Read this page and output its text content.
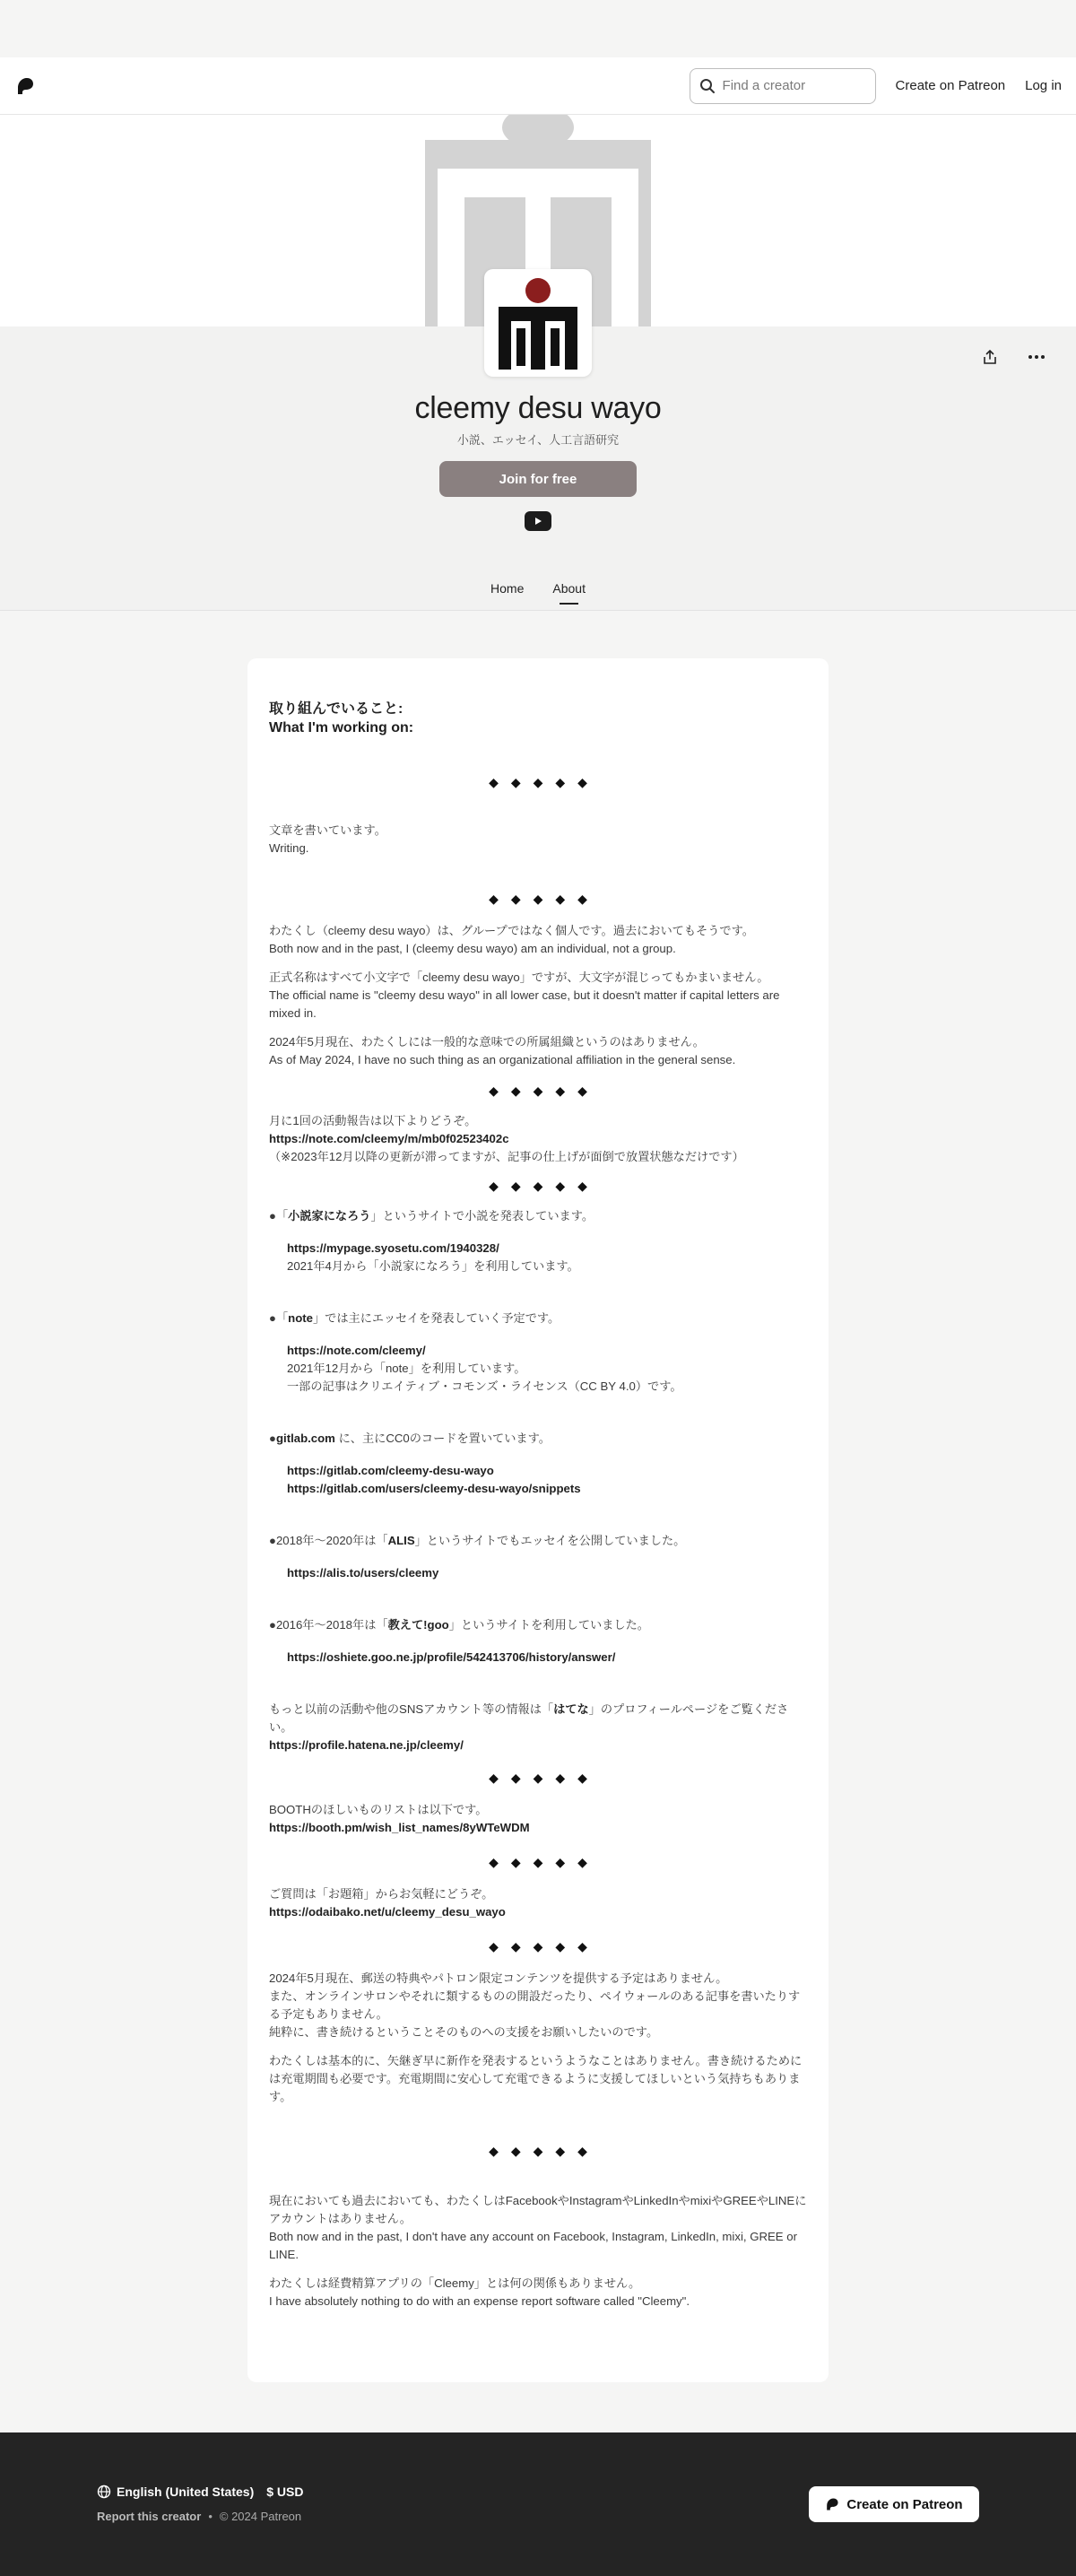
Find a creator
Create on Patreon Log in
cleemy desu wayo
小説、エッセイ、人工言語研究
Join for free
Home About

取り組んでいること:

What I'm working on:

◆◆◆◆◆

文章を書いています。

Writing.

◆◆◆◆◆

わたくし（cleemy desu wayo）は、グループではなく個人です。過去においてもそうです。

Both now and in the past, I (cleemy desu wayo) am an individual, not a group.

正式名称はすべて小文字で「cleemy desu wayo」ですが、大文字が混じってもかまいません。

The official name is "cleemy desu wayo" in all lower case, but it doesn't matter if capital letters are mixed in.

2024年5月現在、わたくしには一般的な意味での所属組織というのはありません。

As of May 2024, I have no such thing as an organizational affiliation in the general sense.

◆◆◆◆◆

月に1回の活動報告は以下よりどうぞ。

https://note.com/cleemy/m/mb0f02523402c

（※2023年12月以降の更新が滞ってますが、記事の仕上げが面倒で放置状態なだけです）

◆◆◆◆◆

●「小説家になろう」というサイトで小説を発表しています。

https://mypage.syosetu.com/1940328/

2021年4月から「小説家になろう」を利用しています。

●「note」では主にエッセイを発表していく予定です。

https://note.com/cleemy/

2021年12月から「note」を利用しています。

一部の記事はクリエイティブ・コモンズ・ライセンス（CC BY 4.0）です。

●gitlab.com に、主にCC0のコードを置いています。

https://gitlab.com/cleemy-desu-wayo

https://gitlab.com/users/cleemy-desu-wayo/snippets

●2018年〜2020年は「ALIS」というサイトでもエッセイを公開していました。

https://alis.to/users/cleemy

●2016年〜2018年は「教えて!goo」というサイトを利用していました。

https://oshiete.goo.ne.jp/profile/542413706/history/answer/

もっと以前の活動や他のSNSアカウント等の情報は「はてな」のプロフィールページをご覧ください。

https://profile.hatena.ne.jp/cleemy/

◆◆◆◆◆

BOOTHのほしいものリストは以下です。

https://booth.pm/wish_list_names/8yWTeWDM

◆◆◆◆◆

ご質問は「お題箱」からお気軽にどうぞ。

https://odaibako.net/u/cleemy_desu_wayo

◆◆◆◆◆

2024年5月現在、郵送の特典やパトロン限定コンテンツを提供する予定はありません。

また、オンラインサロンやそれに類するものの開設だったり、ペイウォールのある記事を書いたりする予定もありません。

純粋に、書き続けるということそのものへの支援をお願いしたいのです。

わたくしは基本的に、矢継ぎ早に新作を発表するというようなことはありません。書き続けるためには充電期間も必要です。充電期間に安心して充電できるように支援してほしいという気持ちもあります。

◆◆◆◆◆

現在においても過去においても、わたくしはFacebookやInstagramやLinkedInやmixiやGREEやLINEにアカウントはありません。

Both now and in the past, I don't have any account on Facebook, Instagram, LinkedIn, mixi, GREE or LINE.

わたくしは経費精算アプリの「Cleemy」とは何の関係もありません。

I have absolutely nothing to do with an expense report software called "Cleemy".

English (United States) $ USD
Report this creator • © 2024 Patreon
Create on Patreon
